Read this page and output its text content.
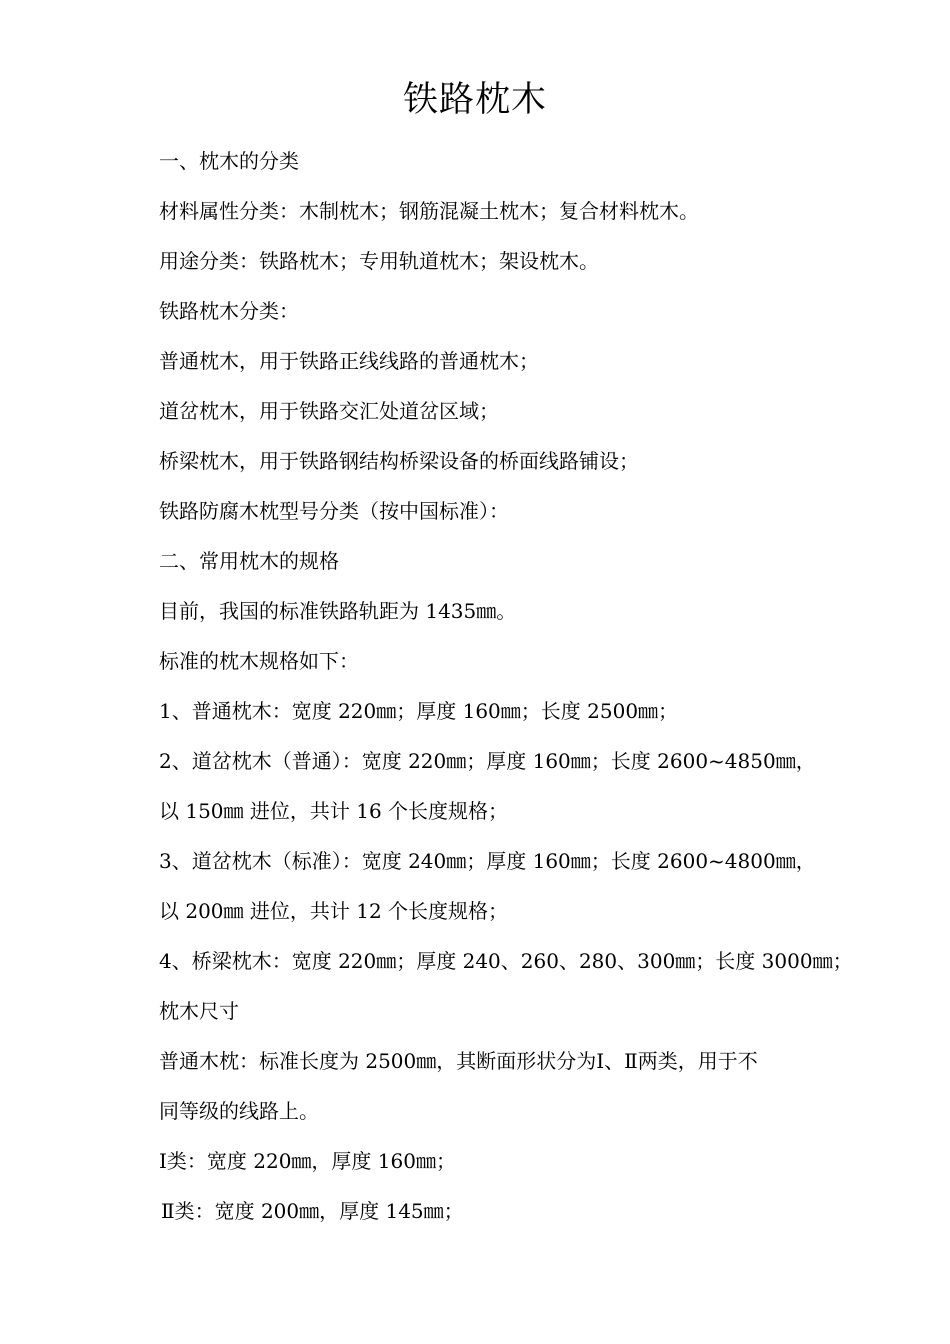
铁路枕木
一、枕木的分类
材料属性分类：木制枕木；钢筋混凝土枕木；复合材料枕木。
用途分类：铁路枕木；专用轨道枕木；架设枕木。
铁路枕木分类：
普通枕木，用于铁路正线线路的普通枕木；
道岔枕木，用于铁路交汇处道岔区域；
桥梁枕木，用于铁路钢结构桥梁设备的桥面线路铺设；
铁路防腐木枕型号分类（按中国标准）：
二、常用枕木的规格
目前，我国的标准铁路轨距为 1435㎜。
标准的枕木规格如下：
1、普通枕木：宽度 220㎜；厚度 160㎜；长度 2500㎜；
2、道岔枕木（普通）：宽度 220㎜；厚度 160㎜；长度 2600~4850㎜，
以 150㎜ 进位，共计 16 个长度规格；
3、道岔枕木（标准）：宽度 240㎜；厚度 160㎜；长度 2600~4800㎜，
以 200㎜ 进位，共计 12 个长度规格；
4、桥梁枕木：宽度 220㎜；厚度 240、260、280、300㎜；长度 3000㎜；
枕木尺寸
普通木枕：标准长度为 2500㎜，其断面形状分为Ⅰ、Ⅱ两类，用于不
同等级的线路上。
Ⅰ类：宽度 220㎜，厚度 160㎜；
Ⅱ类：宽度 200㎜，厚度 145㎜；
